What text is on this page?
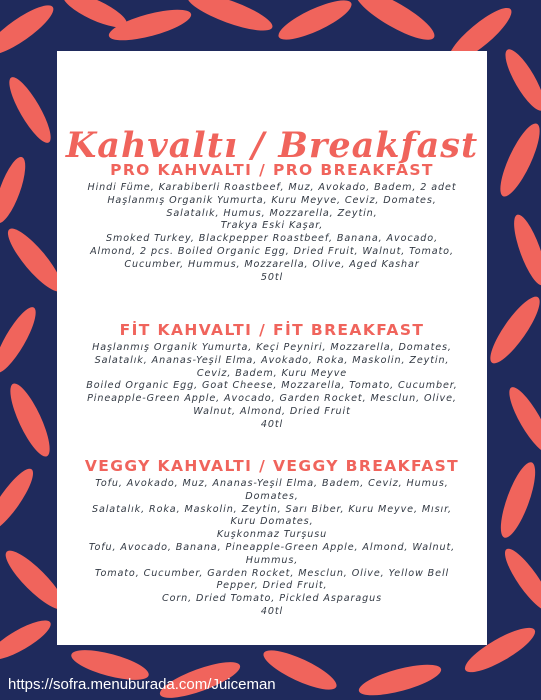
Kahvaltı / Breakfast
PRO KAHVALTI / PRO BREAKFAST
Hindi Füme, Karabiberli Roastbeef, Muz, Avokado, Badem, 2 adet Haşlanmış Organik Yumurta, Kuru Meyve, Ceviz, Domates,
Salatalık, Humus, Mozzarella, Zeytin,
Trakya Eski Kaşar,
Smoked Turkey, Blackpepper Roastbeef, Banana, Avocado, Almond, 2 pcs. Boiled Organic Egg, Dried Fruit, Walnut, Tomato, Cucumber, Hummus, Mozzarella, Olive, Aged Kashar
50tl
FİT KAHVALTI / FİT BREAKFAST
Haşlanmış Organik Yumurta, Keçi Peyniri, Mozzarella, Domates, Salatalık, Ananas-Yeşil Elma, Avokado, Roka, Maskolin, Zeytin, Ceviz, Badem, Kuru Meyve
Boiled Organic Egg, Goat Cheese, Mozzarella, Tomato, Cucumber, Pineapple-Green Apple, Avocado, Garden Rocket, Mesclun, Olive, Walnut, Almond, Dried Fruit
40tl
VEGGY KAHVALTI / VEGGY BREAKFAST
Tofu, Avokado, Muz, Ananas-Yeşil Elma, Badem, Ceviz, Humus, Domates,
Salatalık, Roka, Maskolin, Zeytin, Sarı Biber, Kuru Meyve, Mısır, Kuru Domates,
Kuşkonmaz Turşusu
Tofu, Avocado, Banana, Pineapple-Green Apple, Almond, Walnut, Hummus,
Tomato, Cucumber, Garden Rocket, Mesclun, Olive, Yellow Bell Pepper, Dried Fruit,
Corn, Dried Tomato, Pickled Asparagus
40tl
https://sofra.menuburada.com/Juiceman
